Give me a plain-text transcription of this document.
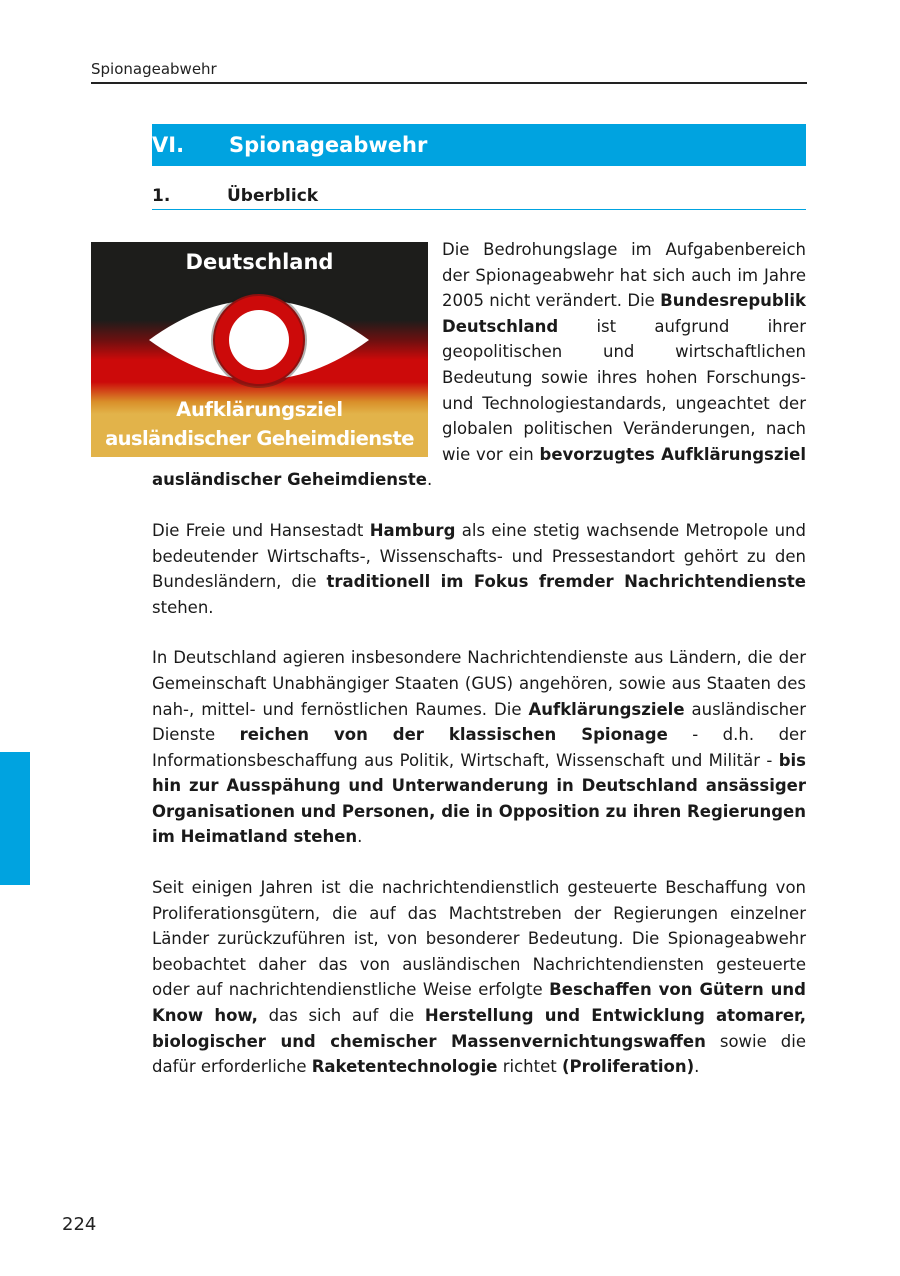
Spionageabwehr
VI.	Spionageabwehr
1.	Überblick
Deutschland
Aufklärungsziel
ausländischer Geheimdienste

Die Bedrohungslage im Aufgabenbereich der Spionageabwehr hat sich auch im Jahre 2005 nicht verändert. Die Bundesrepublik Deutschland ist aufgrund ihrer geopolitischen und wirtschaftlichen Bedeutung sowie ihres hohen Forschungs- und Technologiestandards, ungeachtet der globalen politischen Veränderungen, nach wie vor ein bevorzugtes Aufklärungsziel ausländischer Geheimdienste.

Die Freie und Hansestadt Hamburg als eine stetig wachsende Metropole und bedeutender Wirtschafts-, Wissenschafts- und Pressestandort gehört zu den Bundesländern, die traditionell im Fokus fremder Nachrichtendienste stehen.

In Deutschland agieren insbesondere Nachrichtendienste aus Ländern, die der Gemeinschaft Unabhängiger Staaten (GUS) angehören, sowie aus Staaten des nah-, mittel- und fernöstlichen Raumes. Die Aufklärungsziele ausländischer Dienste reichen von der klassischen Spionage - d.h. der Informationsbeschaffung aus Politik, Wirtschaft, Wissenschaft und Militär - bis hin zur Ausspähung und Unterwanderung in Deutschland ansässiger Organisationen und Personen, die in Opposition zu ihren Regierungen im Heimatland stehen.

Seit einigen Jahren ist die nachrichtendienstlich gesteuerte Beschaffung von Proliferationsgütern, die auf das Machtstreben der Regierungen einzelner Länder zurückzuführen ist, von besonderer Bedeutung. Die Spionageabwehr beobachtet daher das von ausländischen Nachrichtendiensten gesteuerte oder auf nachrichtendienstliche Weise erfolgte Beschaffen von Gütern und Know how, das sich auf die Herstellung und Entwicklung atomarer, biologischer und chemischer Massenvernichtungswaffen sowie die dafür erforderliche Raketentechnologie richtet (Proliferation).

224
